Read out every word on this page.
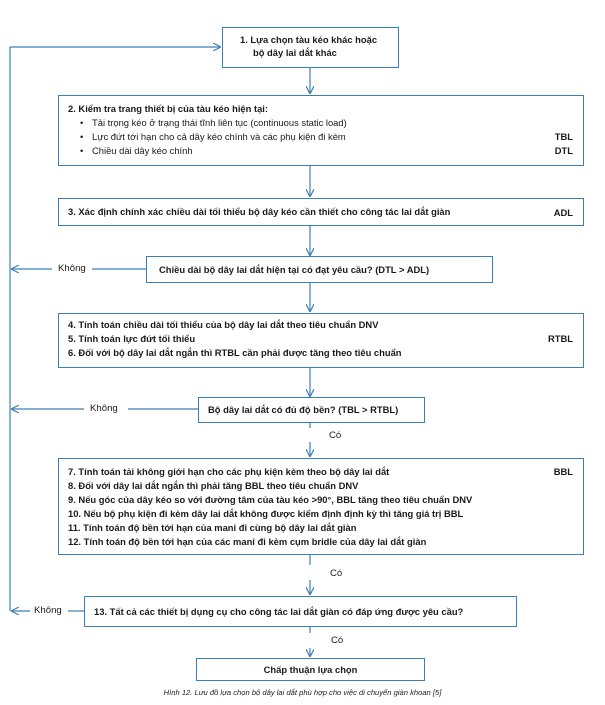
1. Lựa chọn tàu kéo khác hoặc
bộ dây lai dắt khác
2. Kiểm tra trang thiết bị của tàu kéo hiện tại:
• Tải trọng kéo ở trạng thái tĩnh liên tục (continuous static load)
• Lực đứt tới hạn cho cả dây kéo chính và các phụ kiện đi kèm	TBL
• Chiều dài dây kéo chính	DTL
3. Xác định chính xác chiều dài tối thiểu bộ dây kéo cần thiết cho công tác lai dắt giàn	ADL
Không	Chiều dài bộ dây lai dắt hiện tại có đạt yêu cầu? (DTL > ADL)
4. Tính toán chiều dài tối thiểu của bộ dây lai dắt theo tiêu chuẩn DNV
5. Tính toán lực đứt tối thiểu	RTBL
6. Đối với bộ dây lai dắt ngắn thì RTBL cần phải được tăng theo tiêu chuẩn
Không	Bộ dây lai dắt có đủ độ bền? (TBL > RTBL)
Có
7. Tính toán tải không giới hạn cho các phụ kiện kèm theo bộ dây lai dắt	BBL
8. Đối với dây lai dắt ngắn thì phải tăng BBL theo tiêu chuẩn DNV
9. Nếu góc của dây kéo so với đường tâm của tàu kéo >90°, BBL tăng theo tiêu chuẩn DNV
10. Nếu bộ phụ kiện đi kèm dây lai dắt không được kiểm định định kỳ thì tăng giá trị BBL
11. Tính toán độ bền tới hạn của mani đi cùng bộ dây lai dắt giàn
12. Tính toán độ bền tới hạn của các mani đi kèm cụm bridle của dây lai dắt giàn
Có
Không	13. Tất cả các thiết bị dụng cụ cho công tác lai dắt giàn có đáp ứng được yêu cầu?
Có
Chấp thuận lựa chọn
Hình 12. Lưu đồ lựa chọn bộ dây lai dắt phù hợp cho việc di chuyển giàn khoan [5]
